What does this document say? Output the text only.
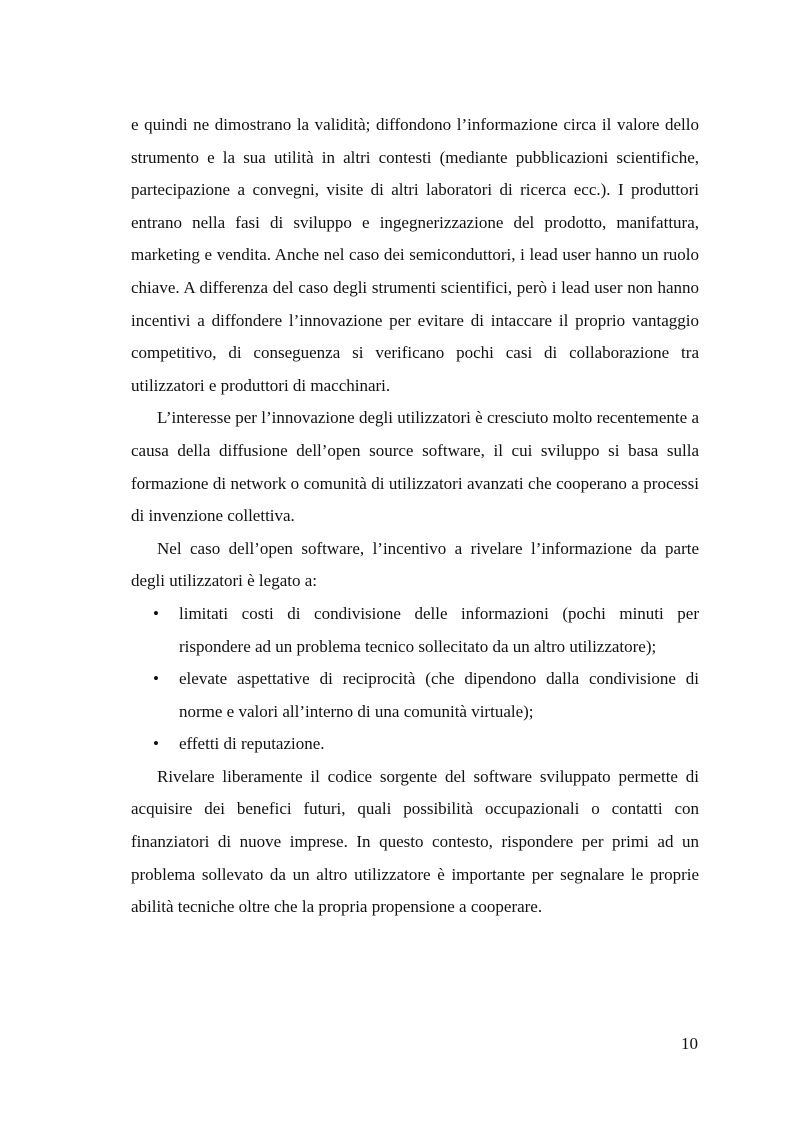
e quindi ne dimostrano la validità; diffondono l’informazione circa il valore dello strumento e la sua utilità in altri contesti (mediante pubblicazioni scientifiche, partecipazione a convegni, visite di altri laboratori di ricerca ecc.). I produttori entrano nella fasi di sviluppo e ingegnerizzazione del prodotto, manifattura, marketing e vendita. Anche nel caso dei semiconduttori, i lead user hanno un ruolo chiave. A differenza del caso degli strumenti scientifici, però i lead user non hanno incentivi a diffondere l’innovazione per evitare di intaccare il proprio vantaggio competitivo, di conseguenza si verificano pochi casi di collaborazione tra utilizzatori e produttori di macchinari.

L’interesse per l’innovazione degli utilizzatori è cresciuto molto recentemente a causa della diffusione dell’open source software, il cui sviluppo si basa sulla formazione di network o comunità di utilizzatori avanzati che cooperano a processi di invenzione collettiva.

Nel caso dell’open software, l’incentivo a rivelare l’informazione da parte degli utilizzatori è legato a:

• limitati costi di condivisione delle informazioni (pochi minuti per rispondere ad un problema tecnico sollecitato da un altro utilizzatore);
• elevate aspettative di reciprocità (che dipendono dalla condivisione di norme e valori all’interno di una comunità virtuale);
• effetti di reputazione.

Rivelare liberamente il codice sorgente del software sviluppato permette di acquisire dei benefici futuri, quali possibilità occupazionali o contatti con finanziatori di nuove imprese. In questo contesto, rispondere per primi ad un problema sollevato da un altro utilizzatore è importante per segnalare le proprie abilità tecniche oltre che la propria propensione a cooperare.

10
